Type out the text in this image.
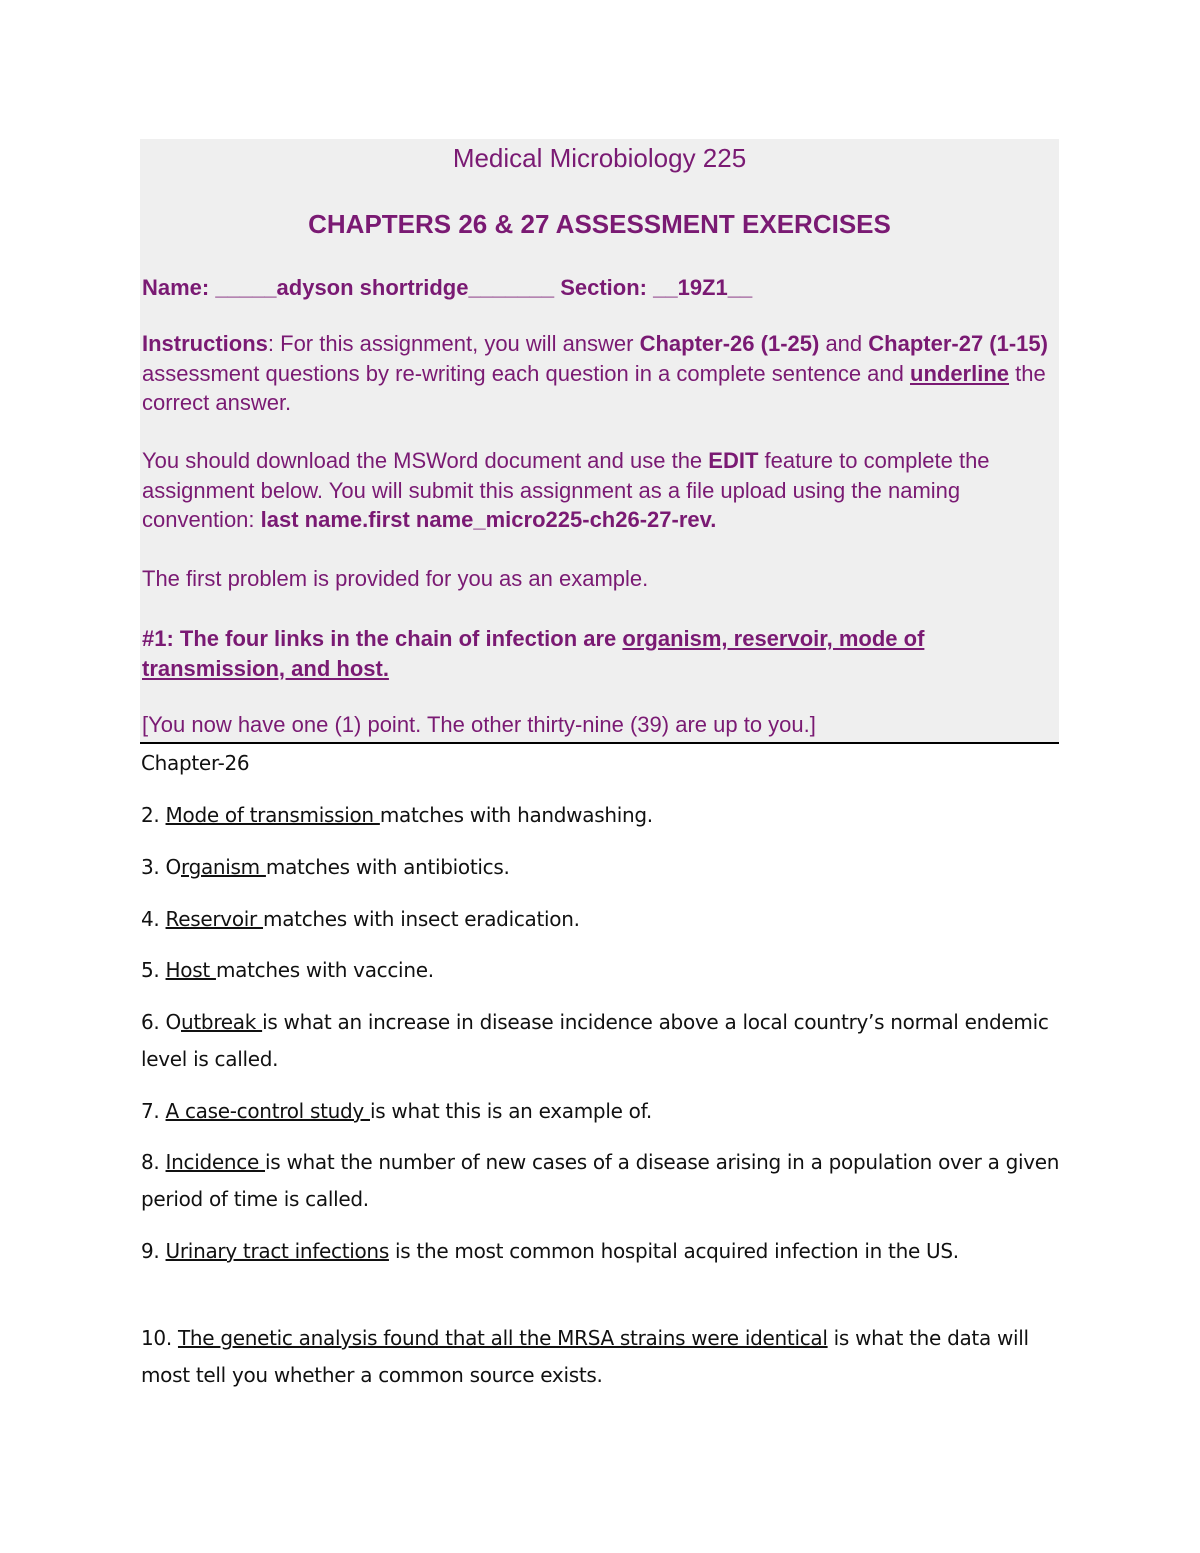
Medical Microbiology 225
CHAPTERS 26 & 27 ASSESSMENT EXERCISES

Name: _____adyson shortridge_______ Section: __19Z1__

Instructions: For this assignment, you will answer Chapter-26 (1-25) and Chapter-27 (1-15) assessment questions by re-writing each question in a complete sentence and underline the correct answer.

You should download the MSWord document and use the EDIT feature to complete the assignment below. You will submit this assignment as a file upload using the naming convention: last name.first name_micro225-ch26-27-rev.

The first problem is provided for you as an example.

#1: The four links in the chain of infection are organism, reservoir, mode of transmission, and host.

[You now have one (1) point. The other thirty-nine (39) are up to you.]

Chapter-26

2. Mode of transmission matches with handwashing.

3. Organism matches with antibiotics.

4. Reservoir matches with insect eradication.

5. Host matches with vaccine.

6. Outbreak is what an increase in disease incidence above a local country’s normal endemic level is called.

7. A case-control study is what this is an example of.

8. Incidence is what the number of new cases of a disease arising in a population over a given period of time is called.

9. Urinary tract infections is the most common hospital acquired infection in the US.

10. The genetic analysis found that all the MRSA strains were identical is what the data will most tell you whether a common source exists.
